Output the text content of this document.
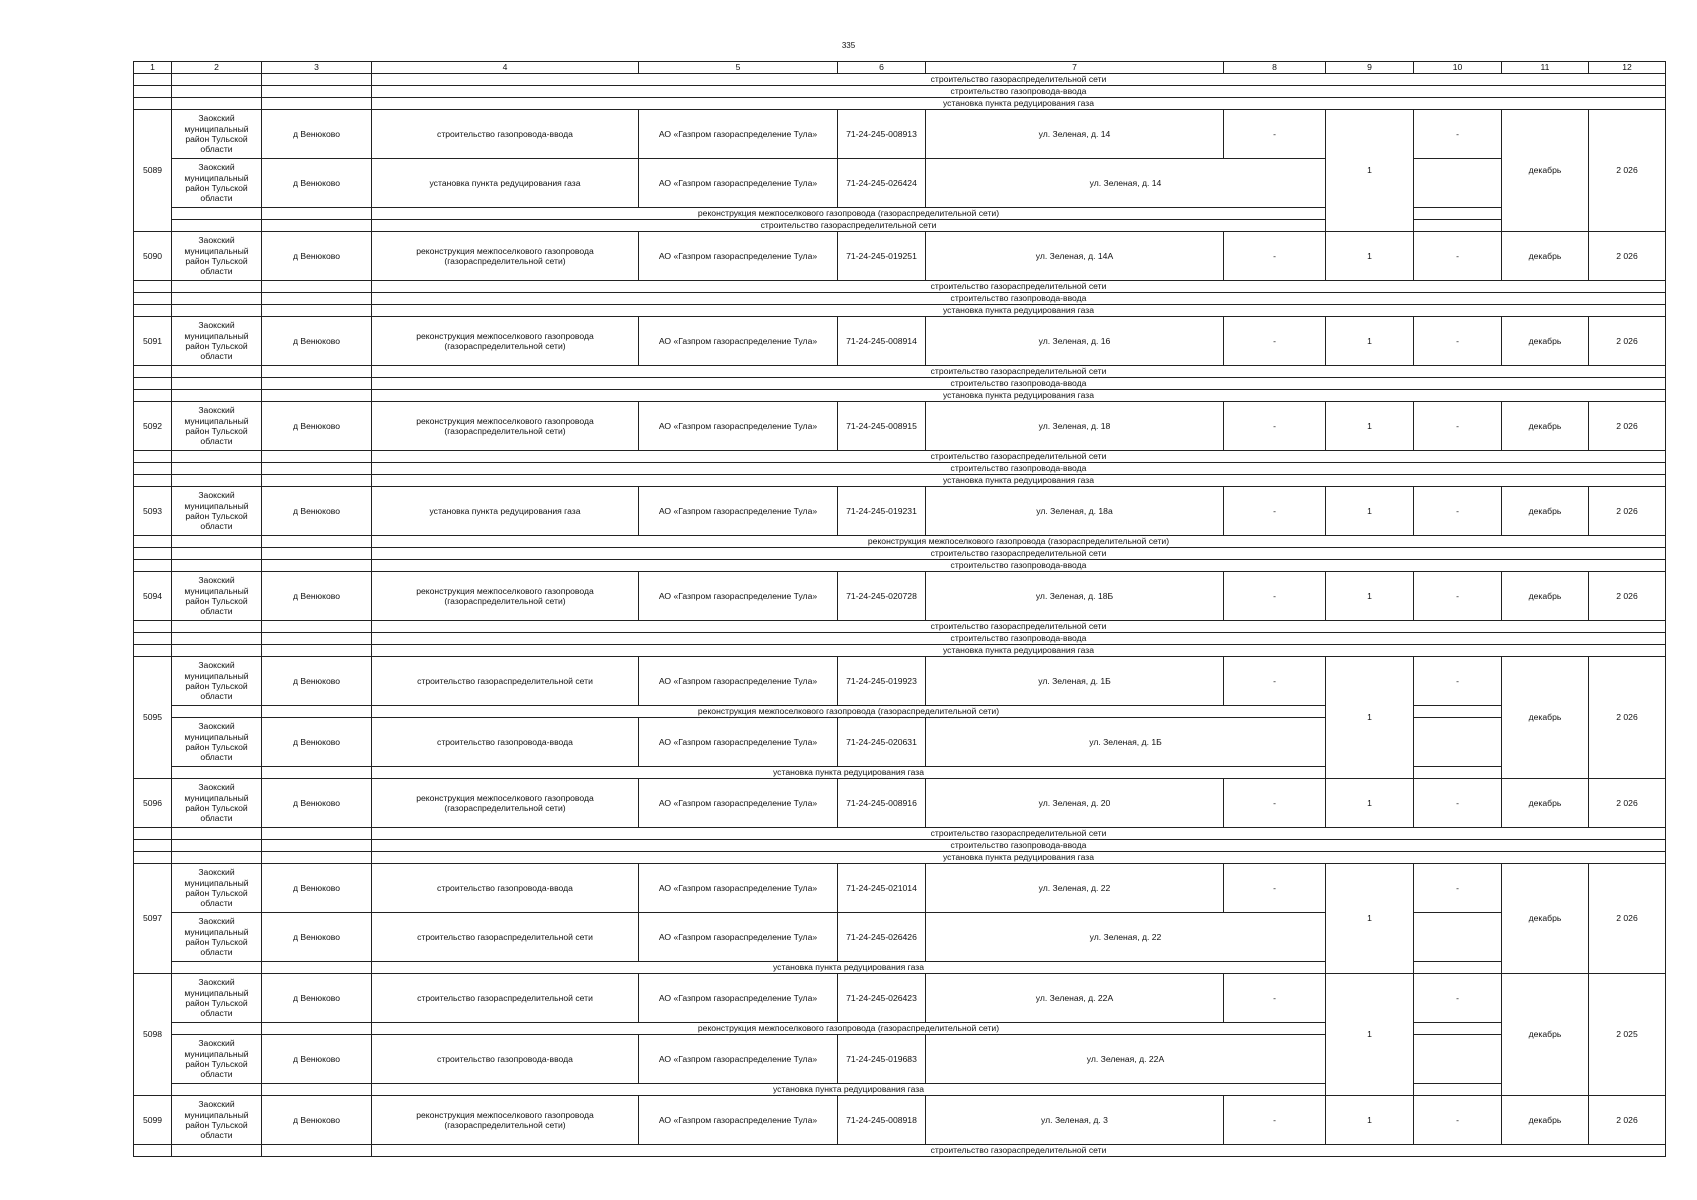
335
1	2	3	4	5	6	7	8	9	10	11	12
			строительство газораспределительной сети								
			строительство газопровода-ввода								
			установка пункта редуцирования газа								
5089	Заокский муниципальный район Тульской области	д Венюково	строительство газопровода-ввода	АО «Газпром газораспределение Тула»	71-24-245-008913	ул. Зеленая, д. 14	-	1	-	декабрь	2 026
	Заокский муниципальный район Тульской области	д Венюково	установка пункта редуцирования газа	АО «Газпром газораспределение Тула»	71-24-245-026424	ул. Зеленая, д. 14					
			реконструкция межпоселкового газопровода (газораспределительной сети)								
			строительство газораспределительной сети								
5090	Заокский муниципальный район Тульской области	д Венюково	реконструкция межпоселкового газопровода (газораспределительной сети)	АО «Газпром газораспределение Тула»	71-24-245-019251	ул. Зеленая, д. 14А	-	1	-	декабрь	2 026
			строительство газораспределительной сети								
			строительство газопровода-ввода								
			установка пункта редуцирования газа								
5091	Заокский муниципальный район Тульской области	д Венюково	реконструкция межпоселкового газопровода (газораспределительной сети)	АО «Газпром газораспределение Тула»	71-24-245-008914	ул. Зеленая, д. 16	-	1	-	декабрь	2 026
			строительство газораспределительной сети								
			строительство газопровода-ввода								
			установка пункта редуцирования газа								
5092	Заокский муниципальный район Тульской области	д Венюково	реконструкция межпоселкового газопровода (газораспределительной сети)	АО «Газпром газораспределение Тула»	71-24-245-008915	ул. Зеленая, д. 18	-	1	-	декабрь	2 026
			строительство газораспределительной сети								
			строительство газопровода-ввода								
			установка пункта редуцирования газа								
5093	Заокский муниципальный район Тульской области	д Венюково	установка пункта редуцирования газа	АО «Газпром газораспределение Тула»	71-24-245-019231	ул. Зеленая, д. 18а	-	1	-	декабрь	2 026
			реконструкция межпоселкового газопровода (газораспределительной сети)								
			строительство газораспределительной сети								
			строительство газопровода-ввода								
5094	Заокский муниципальный район Тульской области	д Венюково	реконструкция межпоселкового газопровода (газораспределительной сети)	АО «Газпром газораспределение Тула»	71-24-245-020728	ул. Зеленая, д. 18Б	-	1	-	декабрь	2 026
			строительство газораспределительной сети								
			строительство газопровода-ввода								
			установка пункта редуцирования газа								
5095	Заокский муниципальный район Тульской области	д Венюково	строительство газораспределительной сети	АО «Газпром газораспределение Тула»	71-24-245-019923	ул. Зеленая, д. 1Б	-	1	-	декабрь	2 026
			реконструкция межпоселкового газопровода (газораспределительной сети)								
	Заокский муниципальный район Тульской области	д Венюково	строительство газопровода-ввода	АО «Газпром газораспределение Тула»	71-24-245-020631	ул. Зеленая, д. 1Б					
			установка пункта редуцирования газа								
5096	Заокский муниципальный район Тульской области	д Венюково	реконструкция межпоселкового газопровода (газораспределительной сети)	АО «Газпром газораспределение Тула»	71-24-245-008916	ул. Зеленая, д. 20	-	1	-	декабрь	2 026
			строительство газораспределительной сети								
			строительство газопровода-ввода								
			установка пункта редуцирования газа								
5097	Заокский муниципальный район Тульской области	д Венюково	строительство газопровода-ввода	АО «Газпром газораспределение Тула»	71-24-245-021014	ул. Зеленая, д. 22	-	1	-	декабрь	2 026
	Заокский муниципальный район Тульской области	д Венюково	строительство газораспределительной сети	АО «Газпром газораспределение Тула»	71-24-245-026426	ул. Зеленая, д. 22					
			установка пункта редуцирования газа								
5098	Заокский муниципальный район Тульской области	д Венюково	строительство газораспределительной сети	АО «Газпром газораспределение Тула»	71-24-245-026423	ул. Зеленая, д. 22А	-	1	-	декабрь	2 025
			реконструкция межпоселкового газопровода (газораспределительной сети)								
	Заокский муниципальный район Тульской области	д Венюково	строительство газопровода-ввода	АО «Газпром газораспределение Тула»	71-24-245-019683	ул. Зеленая, д. 22А					
			установка пункта редуцирования газа								
5099	Заокский муниципальный район Тульской области	д Венюково	реконструкция межпоселкового газопровода (газораспределительной сети)	АО «Газпром газораспределение Тула»	71-24-245-008918	ул. Зеленая, д. 3	-	1	-	декабрь	2 026
			строительство газораспределительной сети								
